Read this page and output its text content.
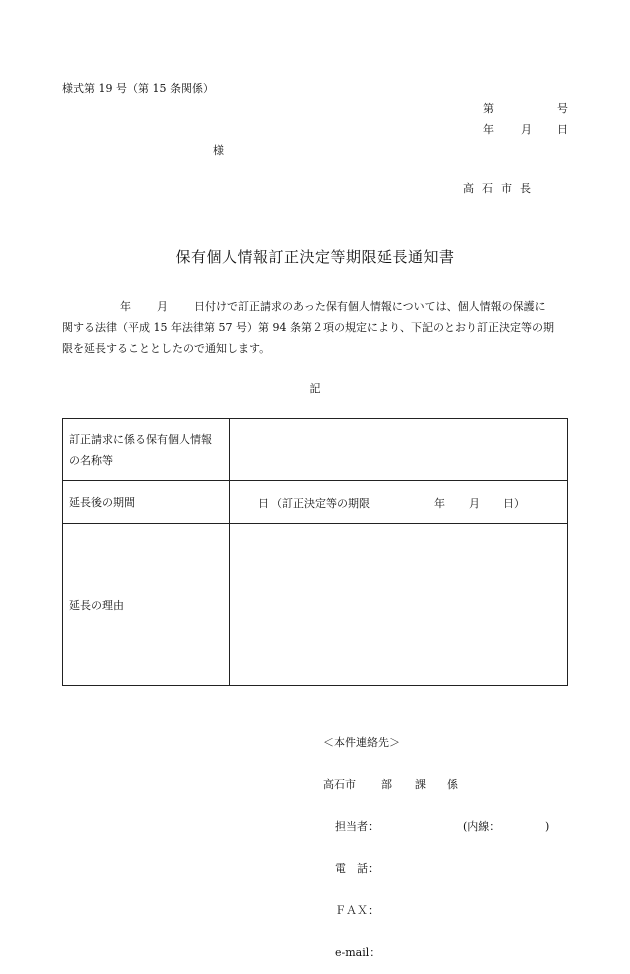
様式第 19 号（第 15 条関係）
第	号
年 月 日
様
高石市長
保有個人情報訂正決定等期限延長通知書
年 月 日付けで訂正請求のあった保有個人情報については、個人情報の保護に
関する法律（平成 15 年法律第 57 号）第 94 条第２項の規定により、下記のとおり訂正決定等の期
限を延長することとしたので通知します。
記
訂正請求に係る保有個人情報
の名称等	

延長後の期間	日 （訂正決定等の期限 年 月 日）

延長の理由	

＜本件連絡先＞

高石市

部

課

係

担当者：

	(内線：

	)

電　話：

ＦＡＸ：

e-mail：
